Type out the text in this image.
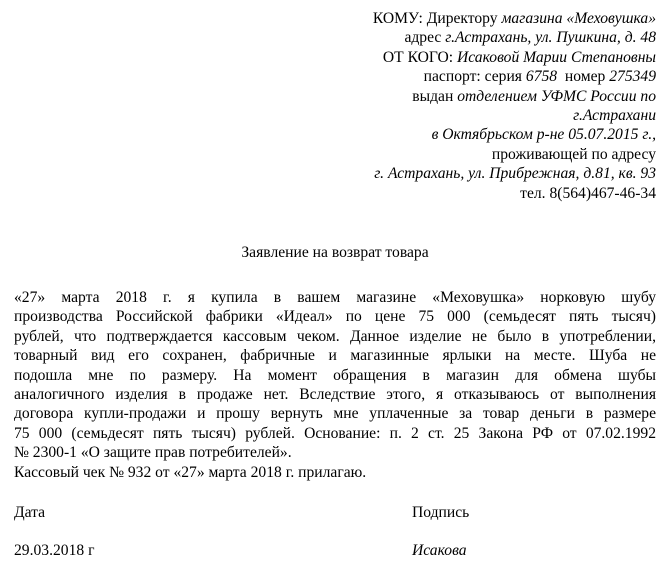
КОМУ: Директору магазина «Меховушка»
адрес г.Астрахань, ул. Пушкина, д. 48
ОТ КОГО: Исаковой Марии Степановны
паспорт: серия 6758 номер 275349
выдан отделением УФМС России по
г.Астрахани
в Октябрьском р-не 05.07.2015 г.,
проживающей по адресу
г. Астрахань, ул. Прибрежная, д.81, кв. 93
тел. 8(564)467-46-34
Заявление на возврат товара
«27» марта 2018 г. я купила в вашем магазине «Меховушка» норковую шубу
производства Российской фабрики «Идеал» по цене 75 000 (семьдесят пять тысяч)
рублей, что подтверждается кассовым чеком. Данное изделие не было в употреблении,
товарный вид его сохранен, фабричные и магазинные ярлыки на месте. Шуба не
подошла мне по размеру. На момент обращения в магазин для обмена шубы
аналогичного изделия в продаже нет. Вследствие этого, я отказываюсь от выполнения
договора купли-продажи и прошу вернуть мне уплаченные за товар деньги в размере
75 000 (семьдесят пять тысяч) рублей. Основание: п. 2 ст. 25 Закона РФ от 07.02.1992
№ 2300-1 «О защите прав потребителей».
Кассовый чек № 932 от «27» марта 2018 г. прилагаю.
Дата	Подпись
29.03.2018 г	Исакова
